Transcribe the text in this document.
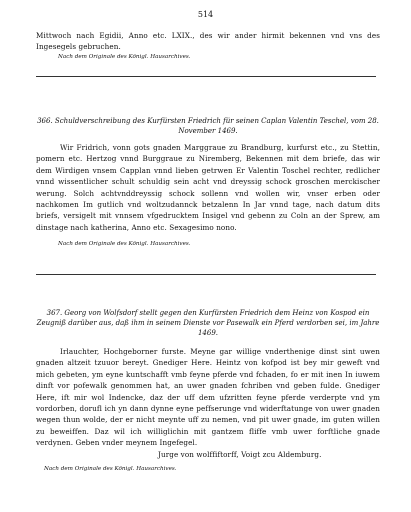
514

Mittwoch nach Egidii, Anno etc. LXIX., des wir ander hirmit bekennen vnd vns des Ingesegels gebruchen.

Nach dem Originale des Königl. Hausarchives.

366. Schuldverschreibung des Kurfürsten Friedrich für seinen Caplan Valentin Teschel, vom 28. November 1469.

Wir Fridrich, vonn gots gnaden Marggraue zu Brandburg, kurfurst etc., zu Stettin, pomern etc. Hertzog vnnd Burggraue zu Niremberg, Bekennen mit dem briefe, das wir dem Wirdigen vnsem Capplan vnnd lieben getrwen Er Valentin Toschel rechter, redlicher vnnd wissentlicher schult schuldig sein acht vnd dreyssig schock groschen merckischer werung. Solch achtvnddreyssig schock sollenn vnd wollen wir, vnser erben oder nachkomen Im gutlich vnd woltzudannck betzalenn In Jar vnnd tage, nach datum dits briefs, versigelt mit vnnsem vfgedrucktem Insigel vnd gebenn zu Coln an der Sprew, am dinstage nach katherina, Anno etc. Sexagesimo nono.

Nach dem Originale des Königl. Hausarchives.

367. Georg von Wolfsdorf stellt gegen den Kurfürsten Friedrich dem Heinz von Kospod ein Zeugniß darüber aus, daß ihm in seinem Dienste vor Pasewalk ein Pferd verdorben sei, im Jahre 1469.

Irlauchter, Hochgeborner furste. Meyne gar willige vnderthenige dinst sint uwen gnaden altzeit tzuuor bereyt. Gnediger Here. Heintz von kofpod ist bey mir geweft vnd mich gebeten, ym eyne kuntschafft vmb feyne pferde vnd fchaden, fo er mit inen In iuwem dinft vor pofewalk genommen hat, an uwer gnaden fchriben vnd geben fulde. Gnediger Here, ift mir wol Indencke, daz der uff dem ufzritten feyne pferde verderpte vnd ym vordorben, dorufl ich yn dann dynne eyne peffserunge vnd widerftatunge von uwer gnaden wegen thun wolde, der er nicht meynte uff zu nemen, vnd pit uwer gnade, im guten willen zu beweiffen. Daz wil ich williglichin mit gantzem fliffe vmb uwer forftliche gnade verdynen. Geben vnder meynem Ingefegel.

Jurge von wolffiftorff, Voigt zcu Aldemburg.
Nach dem Originale des Königl. Hausarchives.
